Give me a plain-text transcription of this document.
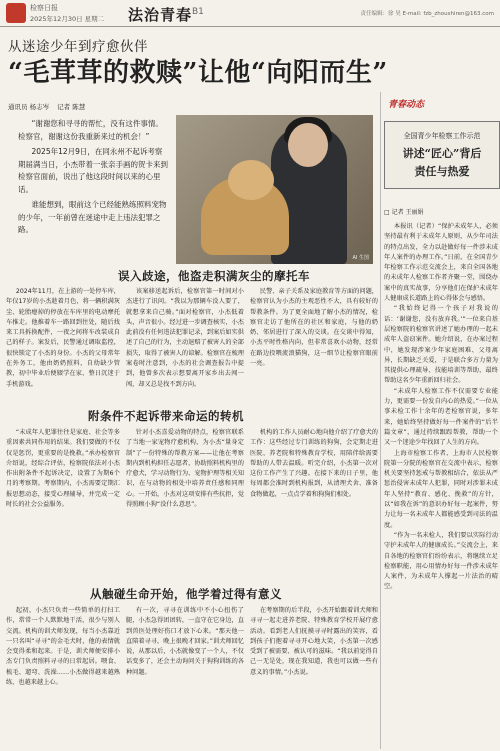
检察日报
2025年12月30日 星期二 法治青春 B1	责任编辑：徐 昊 E-mail: fzb_zhoushiren@163.com
从迷途少年到疗愈伙伴
“毛茸茸的救赎”让他“向阳而生”
通讯员 杨志岑 记者 陈慧

“谢谢您和寻寻的帮忙，没有这件事情。检察官，谢谢这份我重新来过的机会！”

2025年12月9日，在同永州不起诉考察期届满当日，小杰带着一张亲手画的贺卡来到检察官面前，说出了他这段时间以来的心里话。

谁能想到，眼前这个已经能熟练照料宠物的少年，一年前曾在迷途中走上违法犯罪之路。

AI 生图
误入歧途，他盗走积满灰尘的摩托车

2024年11月，在上游的一处停车库，年仅17岁的小杰趁着月色，将一辆积满灰尘、轮胎瘪掉的停放在车库里的电动摩托车推走。他推着车一路回到住处，随后找来工具拆换配件，一夜之间将车改装成自己的样子。案发后，民警通过调取监控，很快锁定了小杰的身份。小杰的父母常年在外务工，他由奶奶照料，自幼缺少管教，初中毕业后便辍学在家，整日沉迷于手机游戏。

该案移送起诉后，检察官第一时间对小杰进行了讯问。“我以为那辆车没人要了，就想拿来自己骑。”面对检察官，小杰低着头，声音很小。经过进一步调查核实，小杰此前没有任何违法犯罪记录，到案后如实供述了自己的行为，主动退赔了被害人的全部损失，取得了被害人的谅解。检察官在梳理案卷时注意到，小杰的社会调查报告中提到，他曾多次表示想要离开家乡出去闯一闯，却又总是找不到方向。

民警、亲子关系及家庭教育等方面的问题，检察官认为小杰的主观恶性不大，具有较好的帮教条件。为了更全面地了解小杰的情况，检察官走访了他所在的社区和家庭，与他的奶奶、邻居进行了深入的交谈。在交谈中得知，小杰平时性格内向，但非常喜欢小动物，经常在路边投喂流浪猫狗，这一细节让检察官眼前一亮。

附条件不起诉带来命运的转机

“未成年人犯罪往往是家庭、社会等多重因素共同作用的结果。我们要做的不仅仅是惩罚，更重要的是挽救。”承办检察官介绍说，经综合评估，检察院依法对小杰作出附条件不起诉决定，设置了为期6个月的考察期。考察期内，小杰需要定期汇报思想动态，接受心理辅导，并完成一定时长的社会公益服务。

针对小杰喜爱动物的特点，检察官联系了当地一家宠物疗愈机构，为小杰“量身定制”了一份特殊的帮教方案——让他在考察期内到机构担任志愿者，协助照料机构里的疗愈犬，学习动物行为、宠物护理等相关知识，在与动物的相处中培养责任感和同理心。一开始，小杰对这项安排有些抗拒，觉得照顾小狗“没什么意思”。

机构的工作人员耐心地向他介绍了疗愈犬的工作：这些经过专门训练的狗狗，会定期走进医院、养老院和特殊教育学校，用陪伴给需要帮助的人带去温暖。听完介绍，小杰第一次对这份工作产生了兴趣。在接下来的日子里，他每周都会准时到机构报到，从清理犬舍、准备食物做起，一点点学着和狗狗们相处。

从触碰生命开始，他学着过得有意义

起初，小杰只负责一些简单的打扫工作，常常一个人默默地干活，很少与别人交流。机构的训犬师发现，每当小杰靠近一只名叫“寻寻”的金毛犬时，他的表情就会变得柔和起来。于是，训犬师便安排小杰专门负责照料寻寻的日常起居。喂食、梳毛、遛弯、洗澡……小杰做得越来越熟练，也越来越上心。

有一次，寻寻在训练中不小心扭伤了腿，小杰急得团团转，一直守在它身边，直到兽医处理好伤口才放下心来。“那天他一直陪着寻寻，晚上很晚才回家。”训犬师回忆说，从那以后，小杰就像变了一个人，不仅话变多了，还会主动询问关于狗狗训练的各种问题。

在考察期的后半段，小杰开始跟着训犬师和寻寻一起走进养老院、特殊教育学校开展疗愈活动。看到老人们抚摸寻寻时露出的笑容，看到孩子们抱着寻寻开心地大笑，小杰第一次感受到了被需要、被认可的滋味。“我以前觉得自己一无是处，现在我知道，我也可以做一些有意义的事情。”小杰说。

青春动态
全国青少年检察工作示范
讲述“匠心”背后
责任与热爱
□ 记者 王丽娟

本报讯（记者）“保护未成年人，必须坚持最有利于未成年人原则，从少年司法的特点出发，全力以赴做好每一件涉未成年人案件的办理工作。”日前，在全国青少年检察工作示范交流会上，来自全国各地的未成年人检察工作者齐聚一堂，围绕办案中的真实故事，分享他们在保护未成年人健康成长道路上的心得体会与感悟。

“我始终记得一个孩子对我说的话：‘谢谢您，没有放弃我。’”一位来自基层检察院的检察官讲述了她办理的一起未成年人盗窃案件。她介绍说，在办案过程中，她发现涉案少年家庭困难、父母离异，长期缺乏关爱，于是联合多方力量为其提供心理疏导、技能培训等帮助，最终帮助这名少年重新回归社会。

“未成年人检察工作不仅需要专业能力，更需要一份发自内心的热爱。”一位从事未检工作十余年的老检察官说，多年来，她始终坚持做好每一件案件的“后半篇文章”，通过持续跟踪帮教，帮助一个又一个迷途少年找回了人生的方向。

上海市检察工作者、上海市人民检察院第一分院的检察官在交流中表示，检察机关要坚持惩戒与帮教相结合，依法从严惩治侵害未成年人犯罪，同时对涉罪未成年人坚持“教育、感化、挽救”的方针，以“如我在诉”的意识办好每一起案件，努力让每一名未成年人都能感受到司法的温度。

“作为一名未检人，我们要以实际行动守护未成年人的健康成长。”交流会上，来自各地的检察官们纷纷表示，将继续立足检察职能，用心用情办好每一件涉未成年人案件，为未成年人撑起一片法治的晴空。
